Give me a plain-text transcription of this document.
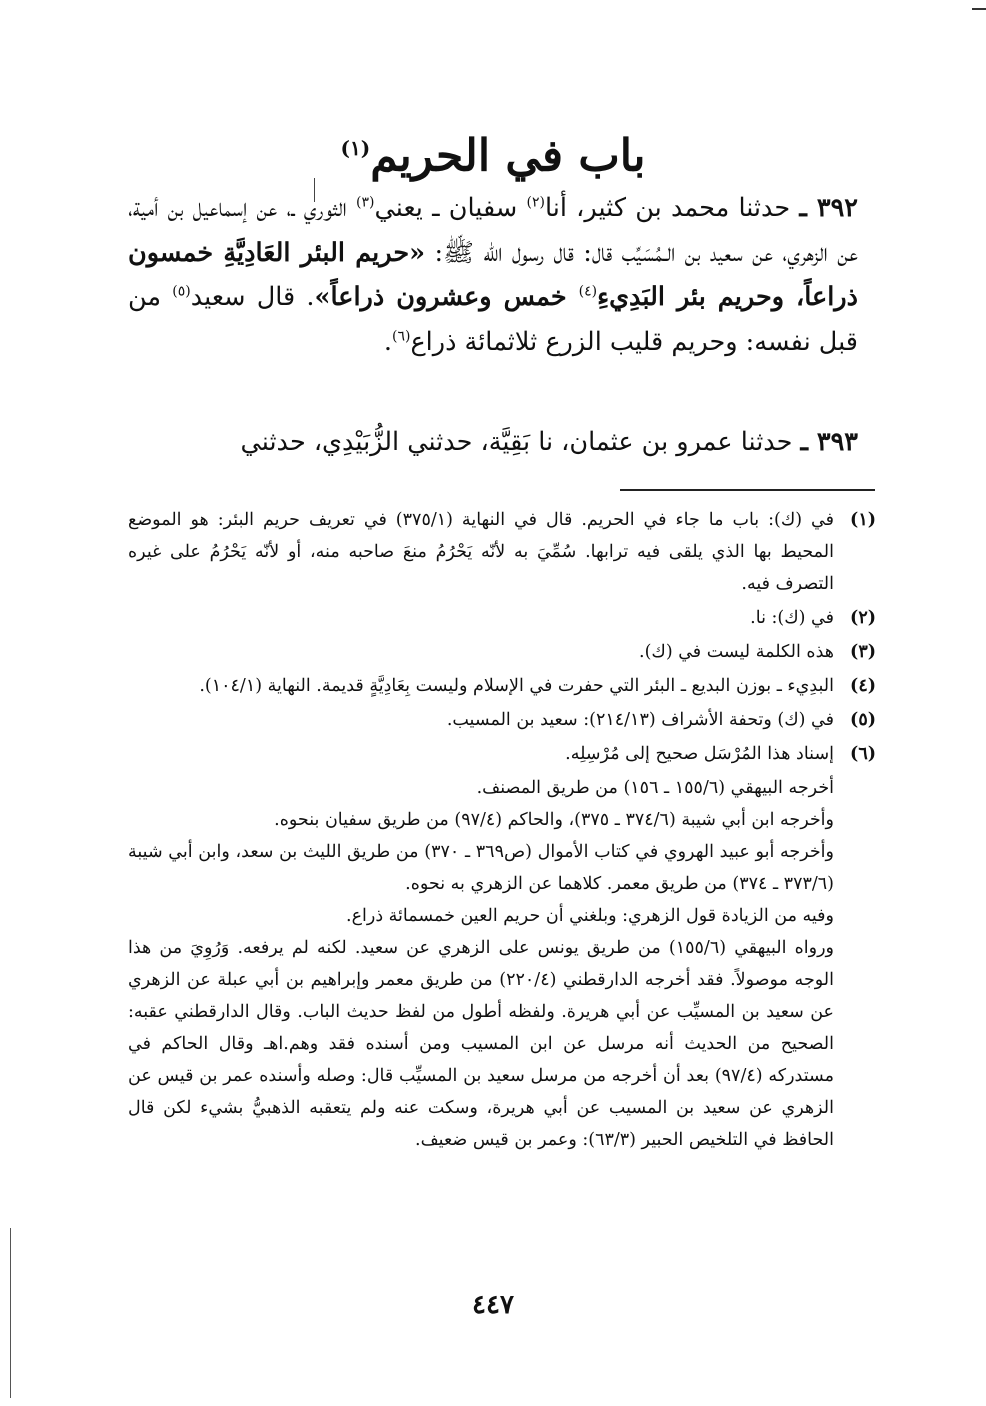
باب في الحريم$^{(١)}$
٣٩٢ ـ حدثنا محمد بن كثير، أنا$^{(٢)}$ سفيان ـ يعني$^{(٣)}$ الثوري ـ، عن إسماعيل بن أمية، عن الزهري، عن سعيد بن الـمُسَيِّب قال: قال رسول الله ﷺ: «حريم البئر العَادِيَّةِ خمسون ذراعاً، وحريم بئر البَدِيءِ$^{(٤)}$ خمس وعشرون ذراعاً». قال سعيد$^{(٥)}$ من قبل نفسه: وحريم قليب الزرع ثلاثمائة ذراع$^{(٦)}$.
٣٩٣ ـ حدثنا عمرو بن عثمان، نا بَقِيَّة، حدثني الزُّبَيْدِي، حدثني
(١)
في (ك): باب ما جاء في الحريم. قال في النهاية (٣٧٥/١) في تعريف حريم البئر: هو الموضع المحيط بها الذي يلقى فيه ترابها. سُمِّيَ به لأنّه يَحْرُمُ منعَ صاحبه منه، أو لأنّه يَحْرُمُ على غيره التصرف فيه.
(٢)
في (ك): نا.
(٣)
هذه الكلمة ليست في (ك).
(٤)
البدِيء ـ بوزن البديع ـ البئر التي حفرت في الإسلام وليست بِعَادِيَّةٍ قديمة. النهاية (١٠٤/١).
(٥)
في (ك) وتحفة الأشراف (٢١٤/١٣): سعيد بن المسيب.
(٦)
إسناد هذا المُرْسَل صحيح إلى مُرْسِلِه.

أخرجه البيهقي (١٥٥/٦ ـ ١٥٦) من طريق المصنف.

وأخرجه ابن أبي شيبة (٣٧٤/٦ ـ ٣٧٥)، والحاكم (٩٧/٤) من طريق سفيان بنحوه.

وأخرجه أبو عبيد الهروي في كتاب الأموال (ص٣٦٩ ـ ٣٧٠) من طريق الليث بن سعد، وابن أبي شيبة (٣٧٣/٦ ـ ٣٧٤) من طريق معمر. كلاهما عن الزهري به نحوه.

وفيه من الزيادة قول الزهري: وبلغني أن حريم العين خمسمائة ذراع.

ورواه البيهقي (١٥٥/٦) من طريق يونس على الزهري عن سعيد. لكنه لم يرفعه. وَرُوِيَ من هذا الوجه موصولاً. فقد أخرجه الدارقطني (٢٢٠/٤) من طريق معمر وإبراهيم بن أبي عبلة عن الزهري عن سعيد بن المسيِّب عن أبي هريرة. ولفظه أطول من لفظ حديث الباب. وقال الدارقطني عقبه: الصحيح من الحديث أنه مرسل عن ابن المسيب ومن أسنده فقد وهم.اهـ وقال الحاكم في مستدركه (٩٧/٤) بعد أن أخرجه من مرسل سعيد بن المسيِّب قال: وصله وأسنده عمر بن قيس عن الزهري عن سعيد بن المسيب عن أبي هريرة، وسكت عنه ولم يتعقبه الذهبيُّ بشيء لكن قال الحافظ في التلخيص الحبير (٦٣/٣): وعمر بن قيس ضعيف.

٤٤٧
